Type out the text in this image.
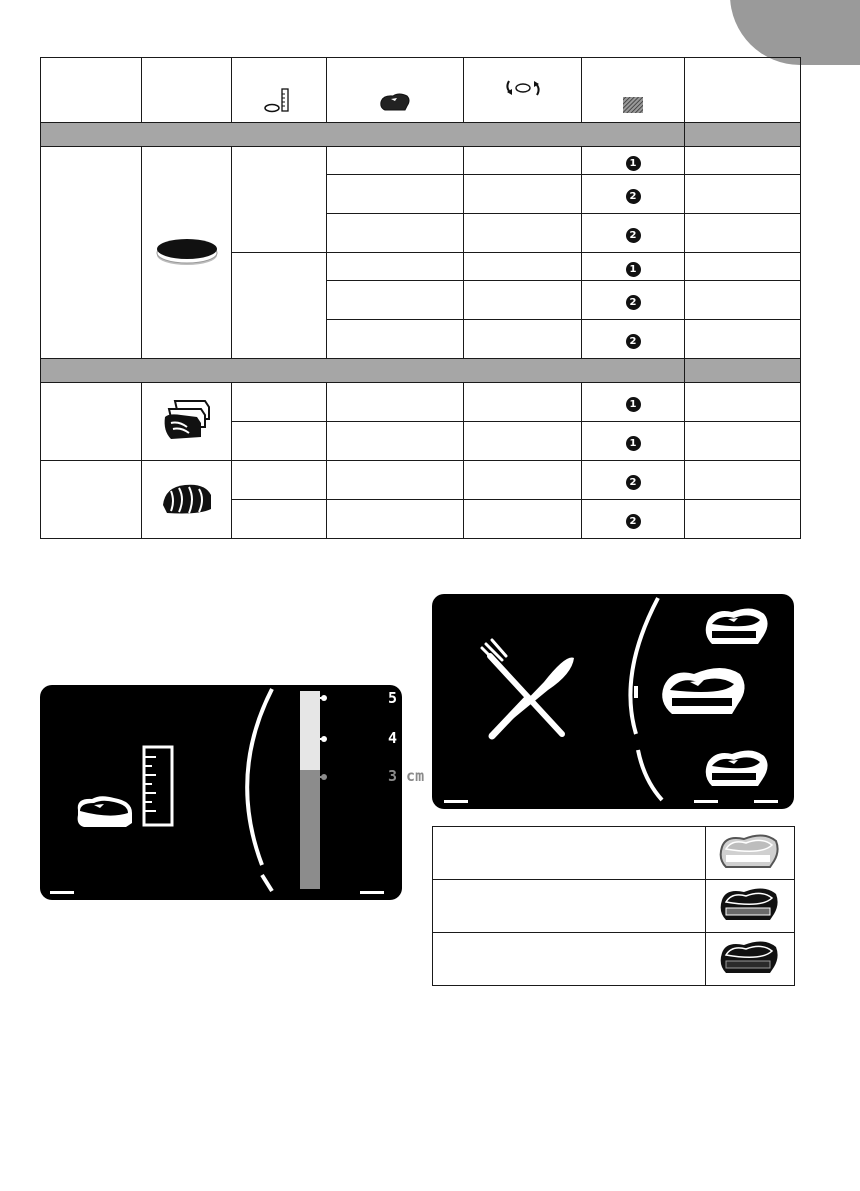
					1	
					2	
					2	
					1	
					2	
					2	

					1	
					1	
					2	
					2	
5 cm
4 cm
3 cm
